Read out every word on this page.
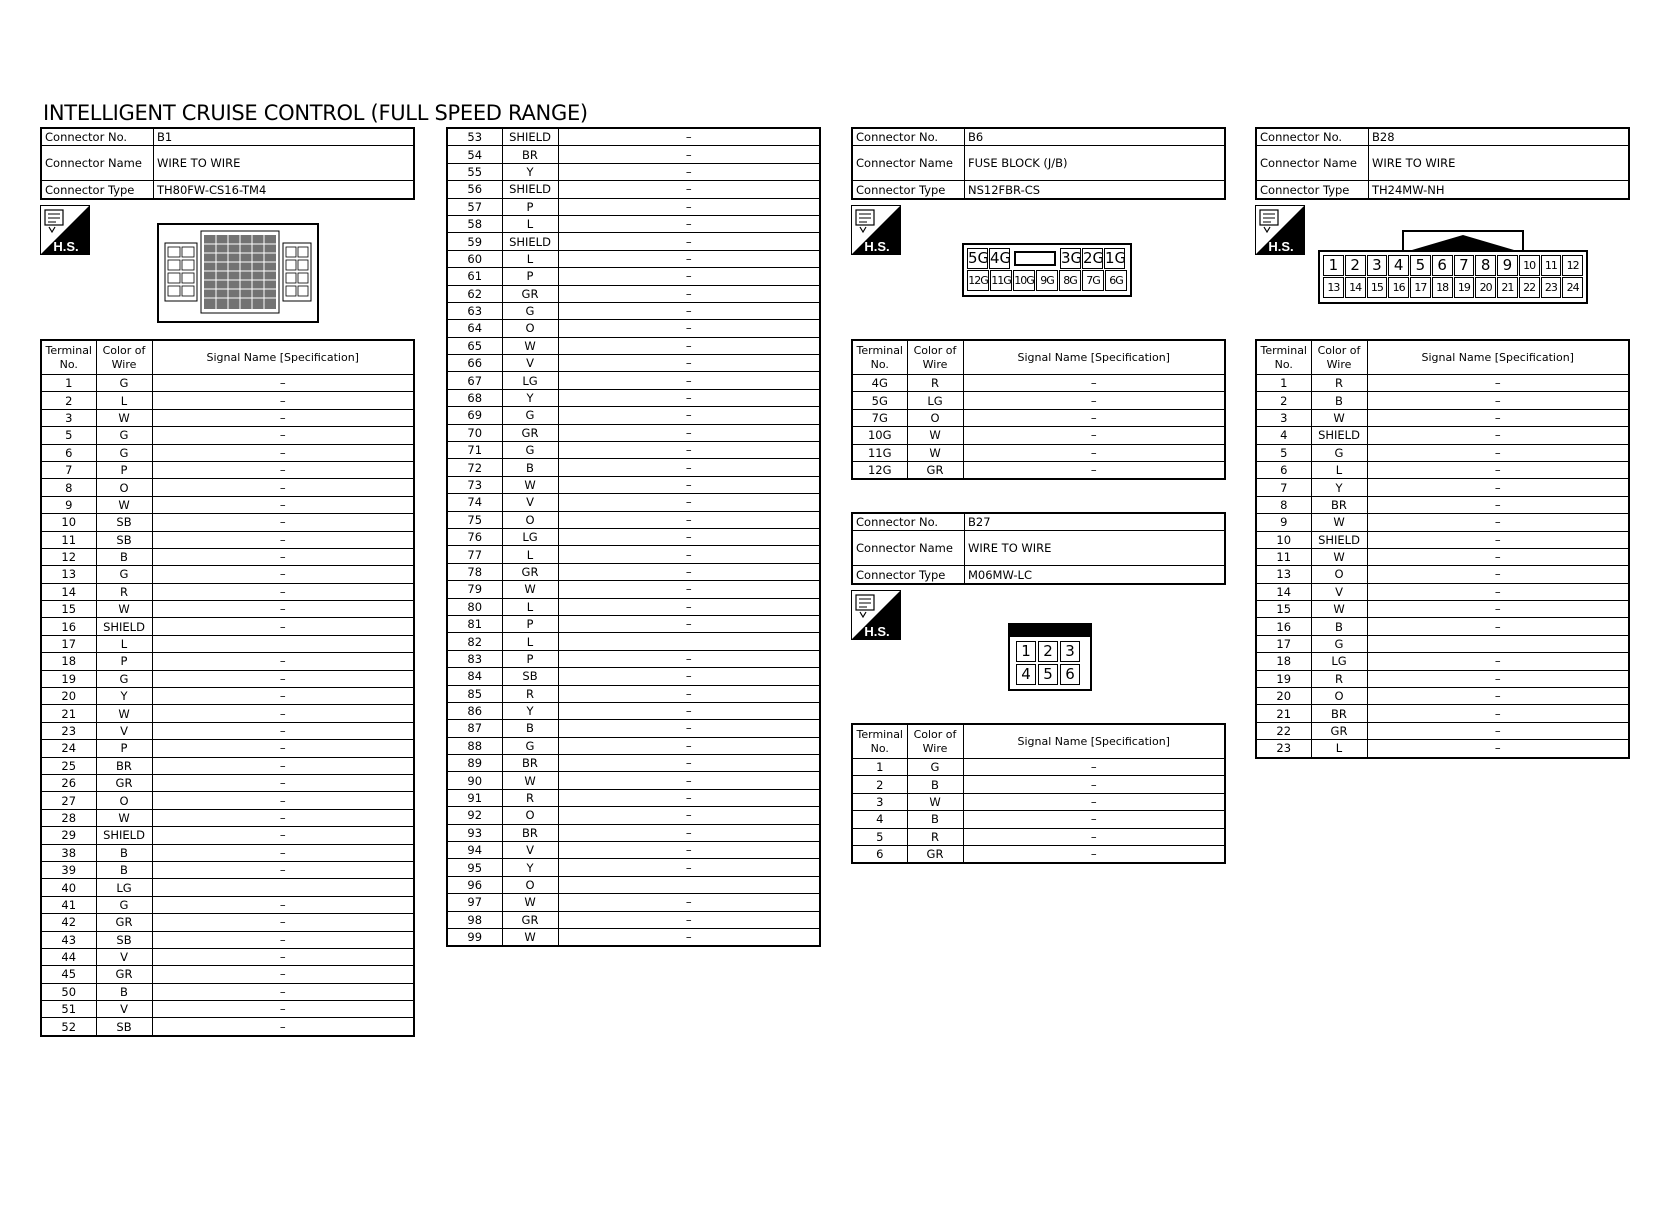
INTELLIGENT CRUISE CONTROL (FULL SPEED RANGE)
Connector No.	B1
Connector Name	WIRE TO WIRE
Connector Type	TH80FW-CS16-TM4
H.S.
Terminal No.	Color of Wire	Signal Name [Specification]
1	G	–
2	L	–
3	W	–
5	G	–
6	G	–
7	P	–
8	O	–
9	W	–
10	SB	–
11	SB	–
12	B	–
13	G	–
14	R	–
15	W	–
16	SHIELD	–
17	L	
18	P	–
19	G	–
20	Y	–
21	W	–
23	V	–
24	P	–
25	BR	–
26	GR	–
27	O	–
28	W	–
29	SHIELD	–
38	B	–
39	B	–
40	LG	
41	G	–
42	GR	–
43	SB	–
44	V	–
45	GR	–
50	B	–
51	V	–
52	SB	–
53	SHIELD	–
54	BR	–
55	Y	–
56	SHIELD	–
57	P	–
58	L	–
59	SHIELD	–
60	L	–
61	P	–
62	GR	–
63	G	–
64	O	–
65	W	–
66	V	–
67	LG	–
68	Y	–
69	G	–
70	GR	–
71	G	–
72	B	–
73	W	–
74	V	–
75	O	–
76	LG	–
77	L	–
78	GR	–
79	W	–
80	L	–
81	P	–
82	L	
83	P	–
84	SB	–
85	R	–
86	Y	–
87	B	–
88	G	–
89	BR	–
90	W	–
91	R	–
92	O	–
93	BR	–
94	V	–
95	Y	–
96	O	
97	W	–
98	GR	–
99	W	–
Connector No.	B6
Connector Name	FUSE BLOCK (J/B)
Connector Type	NS12FBR-CS
H.S.
5G 4G	3G 2G 1G
12G 11G 10G 9G 8G 7G 6G
Terminal No.	Color of Wire	Signal Name [Specification]
4G	R	–
5G	LG	–
7G	O	–
10G	W	–
11G	W	–
12G	GR	–
Connector No.	B27
Connector Name	WIRE TO WIRE
Connector Type	M06MW-LC
H.S.
1 2 3
4 5 6
Terminal No.	Color of Wire	Signal Name [Specification]
1	G	–
2	B	–
3	W	–
4	B	–
5	R	–
6	GR	–
Connector No.	B28
Connector Name	WIRE TO WIRE
Connector Type	TH24MW-NH
H.S.
1 2 3 4 5 6 7 8 9 10 11 12
13 14 15 16 17 18 19 20 21 22 23 24
Terminal No.	Color of Wire	Signal Name [Specification]
1	R	–
2	B	–
3	W	–
4	SHIELD	–
5	G	–
6	L	–
7	Y	–
8	BR	–
9	W	–
10	SHIELD	–
11	W	–
13	O	–
14	V	–
15	W	–
16	B	–
17	G	
18	LG	–
19	R	–
20	O	–
21	BR	–
22	GR	–
23	L	–
